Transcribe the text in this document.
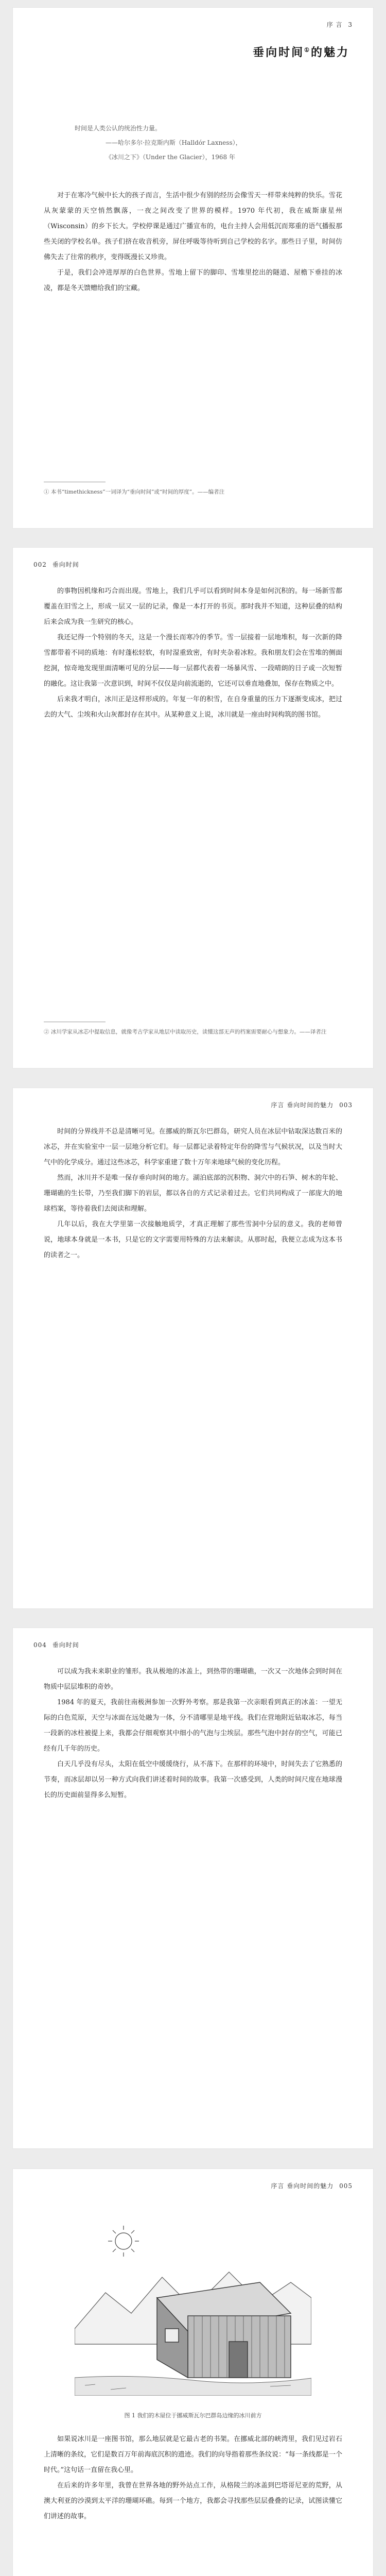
序 言 3
垂向时间①的魅力
时间是人类公认的统治性力量。
——哈尔多尔·拉克斯内斯（Halldór Laxness），
《冰川之下》（Under the Glacier），1968 年

对于在寒冷气候中长大的孩子而言，生活中很少有别的经历会像雪天一样带来纯粹的快乐。雪花从灰蒙蒙的天空悄然飘落，一夜之间改变了世界的模样。1970 年代初，我在威斯康星州（Wisconsin）的乡下长大。学校停课是通过广播宣布的，电台主持人会用低沉而郑重的语气播报那些关闭的学校名单。孩子们挤在收音机旁，屏住呼吸等待听到自己学校的名字。那些日子里，时间仿佛失去了往常的秩序，变得既漫长又珍贵。

于是，我们会冲进厚厚的白色世界。雪地上留下的脚印、雪堆里挖出的隧道、屋檐下垂挂的冰凌，都是冬天馈赠给我们的宝藏。

① 本书“timethickness”一词译为“垂向时间”或“时间的厚度”。——编者注
002 垂向时间

的事物因机缘和巧合而出现。雪地上，我们几乎可以看到时间本身是如何沉积的。每一场新雪都覆盖在旧雪之上，形成一层又一层的记录，像是一本打开的书页。那时我并不知道，这种层叠的结构后来会成为我一生研究的核心。

我还记得一个特别的冬天，这是一个漫长而寒冷的季节。雪一层接着一层地堆积，每一次新的降雪都带着不同的质地：有时蓬松轻软，有时湿重致密，有时夹杂着冰粒。我和朋友们会在雪堆的侧面挖洞，惊奇地发现里面清晰可见的分层——每一层都代表着一场暴风雪、一段晴朗的日子或一次短暂的融化。这让我第一次意识到，时间不仅仅是向前流逝的，它还可以垂直地叠加，保存在物质之中。

后来我才明白，冰川正是这样形成的。年复一年的积雪，在自身重量的压力下逐渐变成冰，把过去的大气、尘埃和火山灰都封存在其中。从某种意义上说，冰川就是一座由时间构筑的图书馆。

② 冰川学家从冰芯中提取信息，就像考古学家从地层中读取历史，读懂这部无声的档案需要耐心与想象力。——译者注
序言 垂向时间的魅力 003

时间的分界线并不总是清晰可见。在挪威的斯瓦尔巴群岛，研究人员在冰层中钻取深达数百米的冰芯，并在实验室中一层一层地分析它们。每一层都记录着特定年份的降雪与气候状况，以及当时大气中的化学成分。通过这些冰芯，科学家重建了数十万年来地球气候的变化历程。

然而，冰川并不是唯一保存垂向时间的地方。湖泊底部的沉积物、洞穴中的石笋、树木的年轮、珊瑚礁的生长带，乃至我们脚下的岩层，都以各自的方式记录着过去。它们共同构成了一部庞大的地球档案，等待着我们去阅读和理解。

几年以后，我在大学里第一次接触地质学，才真正理解了那些雪洞中分层的意义。我的老师曾说，地球本身就是一本书，只是它的文字需要用特殊的方法来解读。从那时起，我便立志成为这本书的读者之一。

004 垂向时间

可以成为我未来职业的雏形。我从极地的冰盖上，到热带的珊瑚礁，一次又一次地体会到时间在物质中层层堆积的奇妙。

1984 年的夏天，我前往南极洲参加一次野外考察。那是我第一次亲眼看到真正的冰盖：一望无际的白色荒原，天空与冰面在远处融为一体，分不清哪里是地平线。我们在营地附近钻取冰芯，每当一段新的冰柱被提上来，我都会仔细观察其中细小的气泡与尘埃层。那些气泡中封存的空气，可能已经有几千年的历史。

白天几乎没有尽头，太阳在低空中缓缓绕行，从不落下。在那样的环境中，时间失去了它熟悉的节奏，而冰层却以另一种方式向我们讲述着时间的故事。我第一次感受到，人类的时间尺度在地球漫长的历史面前显得多么短暂。

序言 垂向时间的魅力 005
图 1 我们的木屋位于挪威斯瓦尔巴群岛边缘的冰川前方

如果说冰川是一座图书馆，那么地层就是它最古老的书架。在挪威北部的峡湾里，我们见过岩石上清晰的条纹，它们是数百万年前海底沉积的遗迹。我们的向导指着那些条纹说：“每一条线都是一个时代。”这句话一直留在我心里。

在后来的许多年里，我曾在世界各地的野外站点工作，从格陵兰的冰盖到巴塔哥尼亚的荒野，从澳大利亚的沙漠到太平洋的珊瑚环礁。每到一个地方，我都会寻找那些层层叠叠的记录，试图读懂它们讲述的故事。
